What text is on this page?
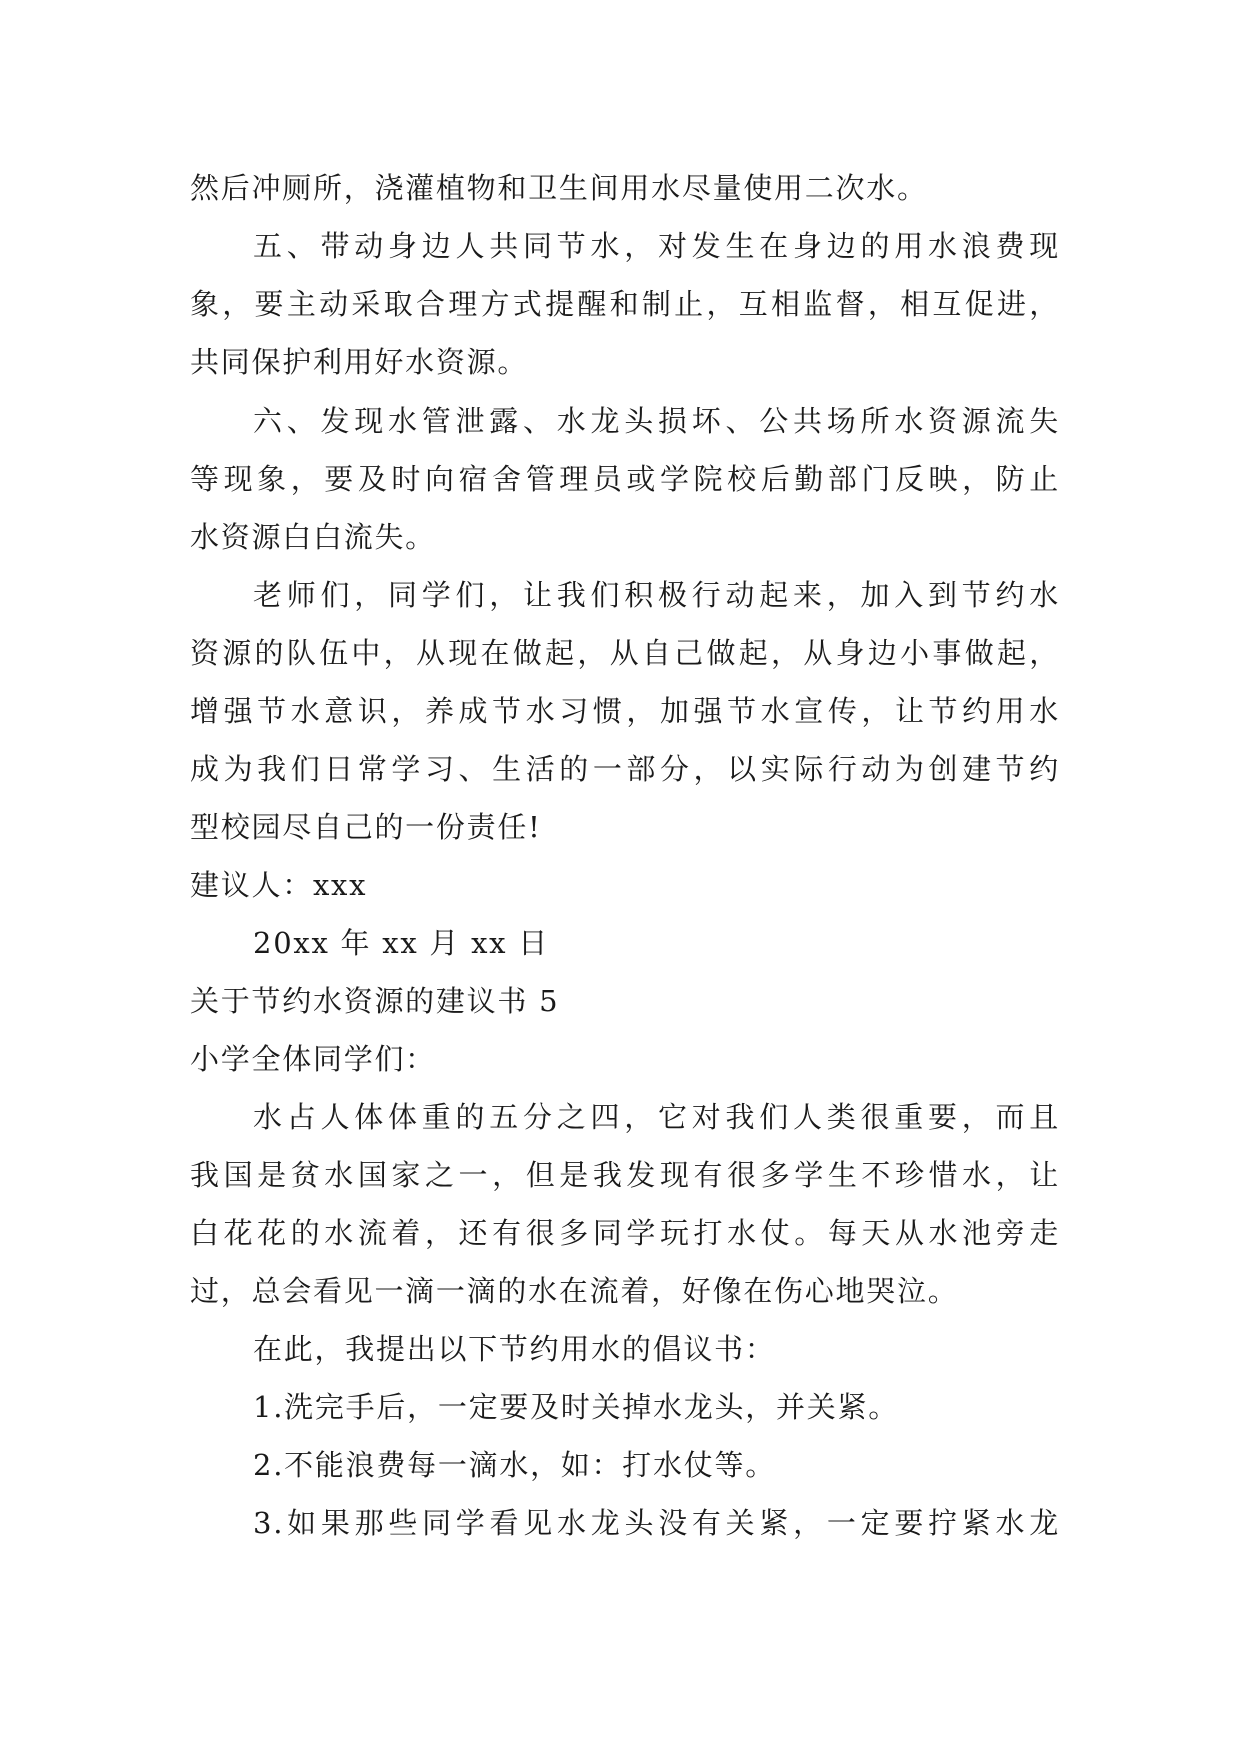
然后冲厕所，浇灌植物和卫生间用水尽量使用二次水。
五、带动身边人共同节水，对发生在身边的用水浪费现
象，要主动采取合理方式提醒和制止，互相监督，相互促进，
共同保护利用好水资源。
六、发现水管泄露、水龙头损坏、公共场所水资源流失
等现象，要及时向宿舍管理员或学院校后勤部门反映，防止
水资源白白流失。
老师们，同学们，让我们积极行动起来，加入到节约水
资源的队伍中，从现在做起，从自己做起，从身边小事做起，
增强节水意识，养成节水习惯，加强节水宣传，让节约用水
成为我们日常学习、生活的一部分，以实际行动为创建节约
型校园尽自己的一份责任!
建议人：xxx
20xx 年 xx 月 xx 日
关于节约水资源的建议书 5
小学全体同学们：
水占人体体重的五分之四，它对我们人类很重要，而且
我国是贫水国家之一，但是我发现有很多学生不珍惜水，让
白花花的水流着，还有很多同学玩打水仗。每天从水池旁走
过，总会看见一滴一滴的水在流着，好像在伤心地哭泣。
在此，我提出以下节约用水的倡议书：
1.洗完手后，一定要及时关掉水龙头，并关紧。
2.不能浪费每一滴水，如：打水仗等。
3.如果那些同学看见水龙头没有关紧，一定要拧紧水龙
